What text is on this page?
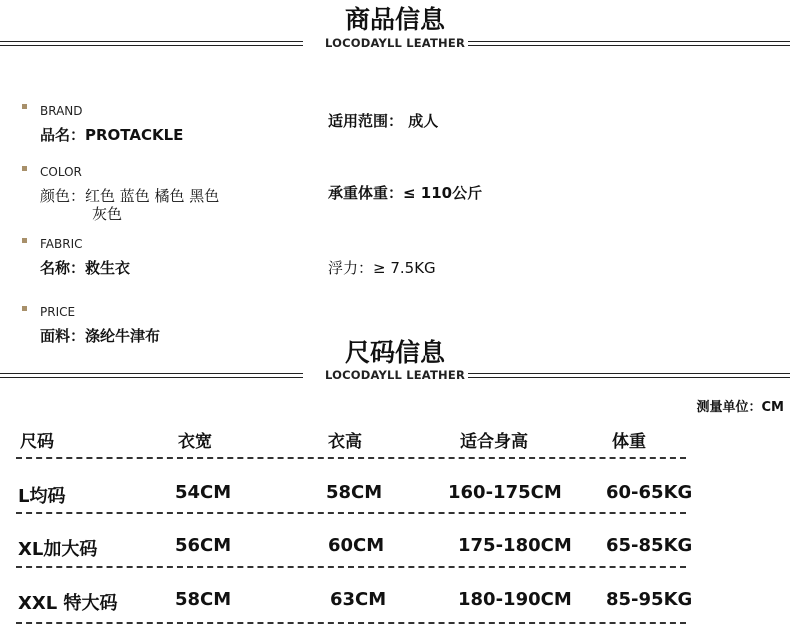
商品信息
LOCODAYLL LEATHER
BRAND
品名：PROTACKLE
COLOR
颜色：红色 蓝色 橘色 黑色
灰色
FABRIC
名称：救生衣
PRICE
面料：涤纶牛津布
适用范围： 成人
承重体重：≤ 110公斤
浮力：≥ 7.5KG
尺码信息
LOCODAYLL LEATHER
测量单位：CM
尺码	衣宽	衣高	适合身高	体重
L均码	54CM	58CM	160-175CM 60-65KG
XL加大码	56CM	60CM	175-180CM 65-85KG
XXL 特大码	58CM	63CM	180-190CM 85-95KG
